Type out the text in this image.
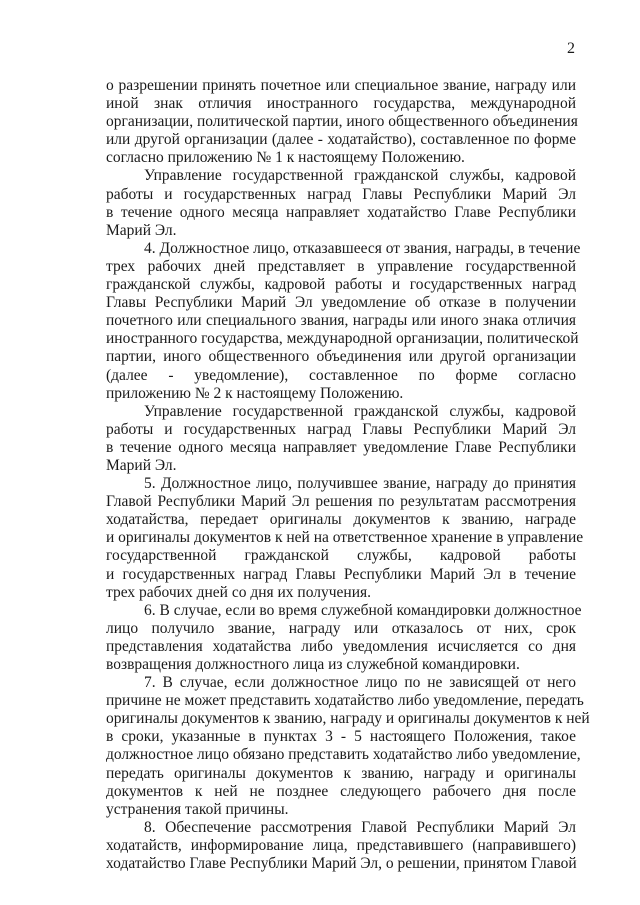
2
о разрешении принять почетное или специальное звание, награду или
иной знак отличия иностранного государства, международной
организации, политической партии, иного общественного объединения
или другой организации (далее - ходатайство), составленное по форме
согласно приложению № 1 к настоящему Положению.
Управление государственной гражданской службы, кадровой
работы и государственных наград Главы Республики Марий Эл
в течение одного месяца направляет ходатайство Главе Республики
Марий Эл.
4. Должностное лицо, отказавшееся от звания, награды, в течение
трех рабочих дней представляет в управление государственной
гражданской службы, кадровой работы и государственных наград
Главы Республики Марий Эл уведомление об отказе в получении
почетного или специального звания, награды или иного знака отличия
иностранного государства, международной организации, политической
партии, иного общественного объединения или другой организации
(далее - уведомление), составленное по форме согласно
приложению № 2 к настоящему Положению.
Управление государственной гражданской службы, кадровой
работы и государственных наград Главы Республики Марий Эл
в течение одного месяца направляет уведомление Главе Республики
Марий Эл.
5. Должностное лицо, получившее звание, награду до принятия
Главой Республики Марий Эл решения по результатам рассмотрения
ходатайства, передает оригиналы документов к званию, награде
и оригиналы документов к ней на ответственное хранение в управление
государственной гражданской службы, кадровой работы
и государственных наград Главы Республики Марий Эл в течение
трех рабочих дней со дня их получения.
6. В случае, если во время служебной командировки должностное
лицо получило звание, награду или отказалось от них, срок
представления ходатайства либо уведомления исчисляется со дня
возвращения должностного лица из служебной командировки.
7. В случае, если должностное лицо по не зависящей от него
причине не может представить ходатайство либо уведомление, передать
оригиналы документов к званию, награду и оригиналы документов к ней
в сроки, указанные в пунктах 3 - 5 настоящего Положения, такое
должностное лицо обязано представить ходатайство либо уведомление,
передать оригиналы документов к званию, награду и оригиналы
документов к ней не позднее следующего рабочего дня после
устранения такой причины.
8. Обеспечение рассмотрения Главой Республики Марий Эл
ходатайств, информирование лица, представившего (направившего)
ходатайство Главе Республики Марий Эл, о решении, принятом Главой
